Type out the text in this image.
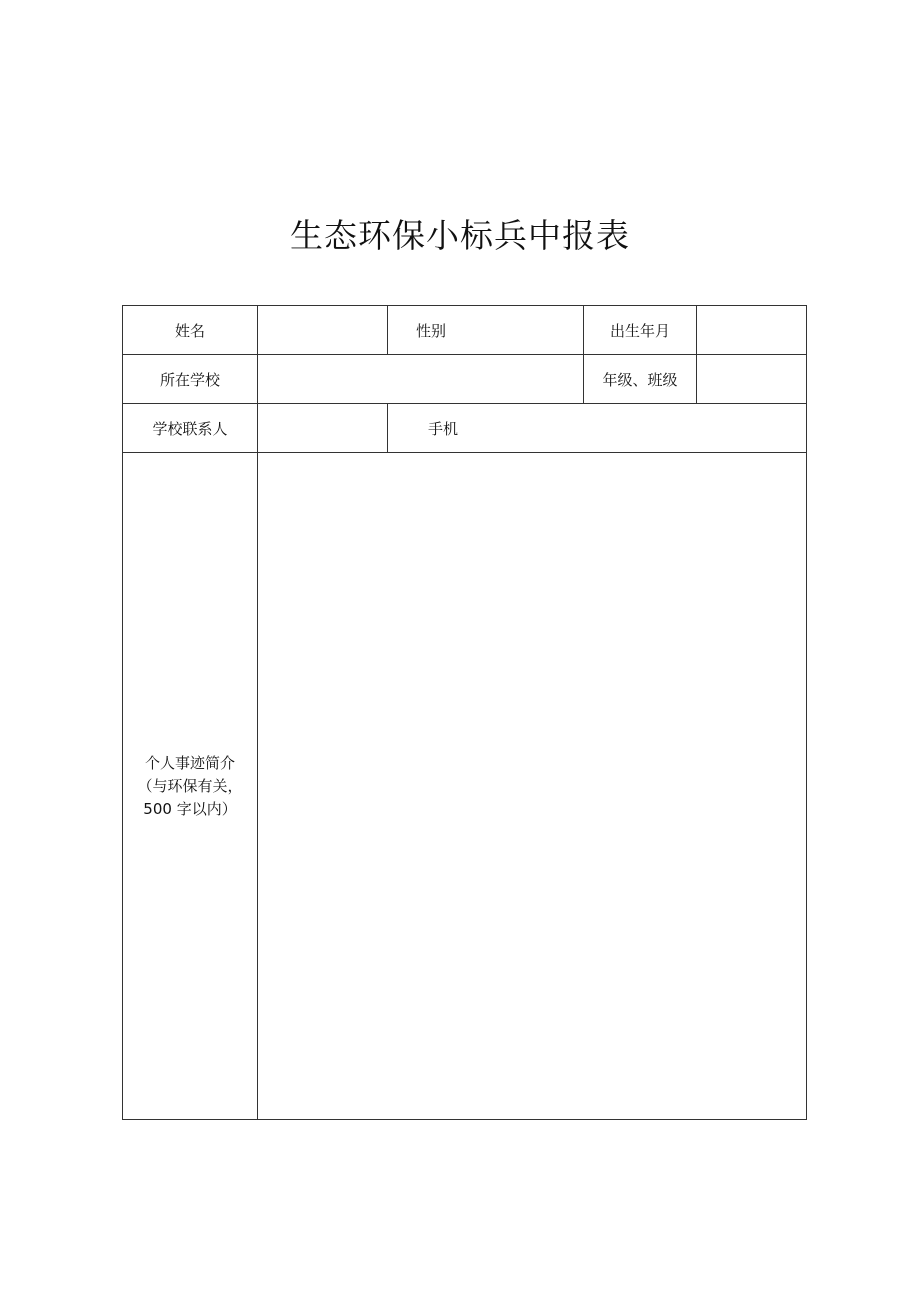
生态环保小标兵中报表
姓名		性别	出生年月	
所在学校			年级、班级	
学校联系人		手机		

个人事迹简介
（与环保有关，
500 字以内）				
